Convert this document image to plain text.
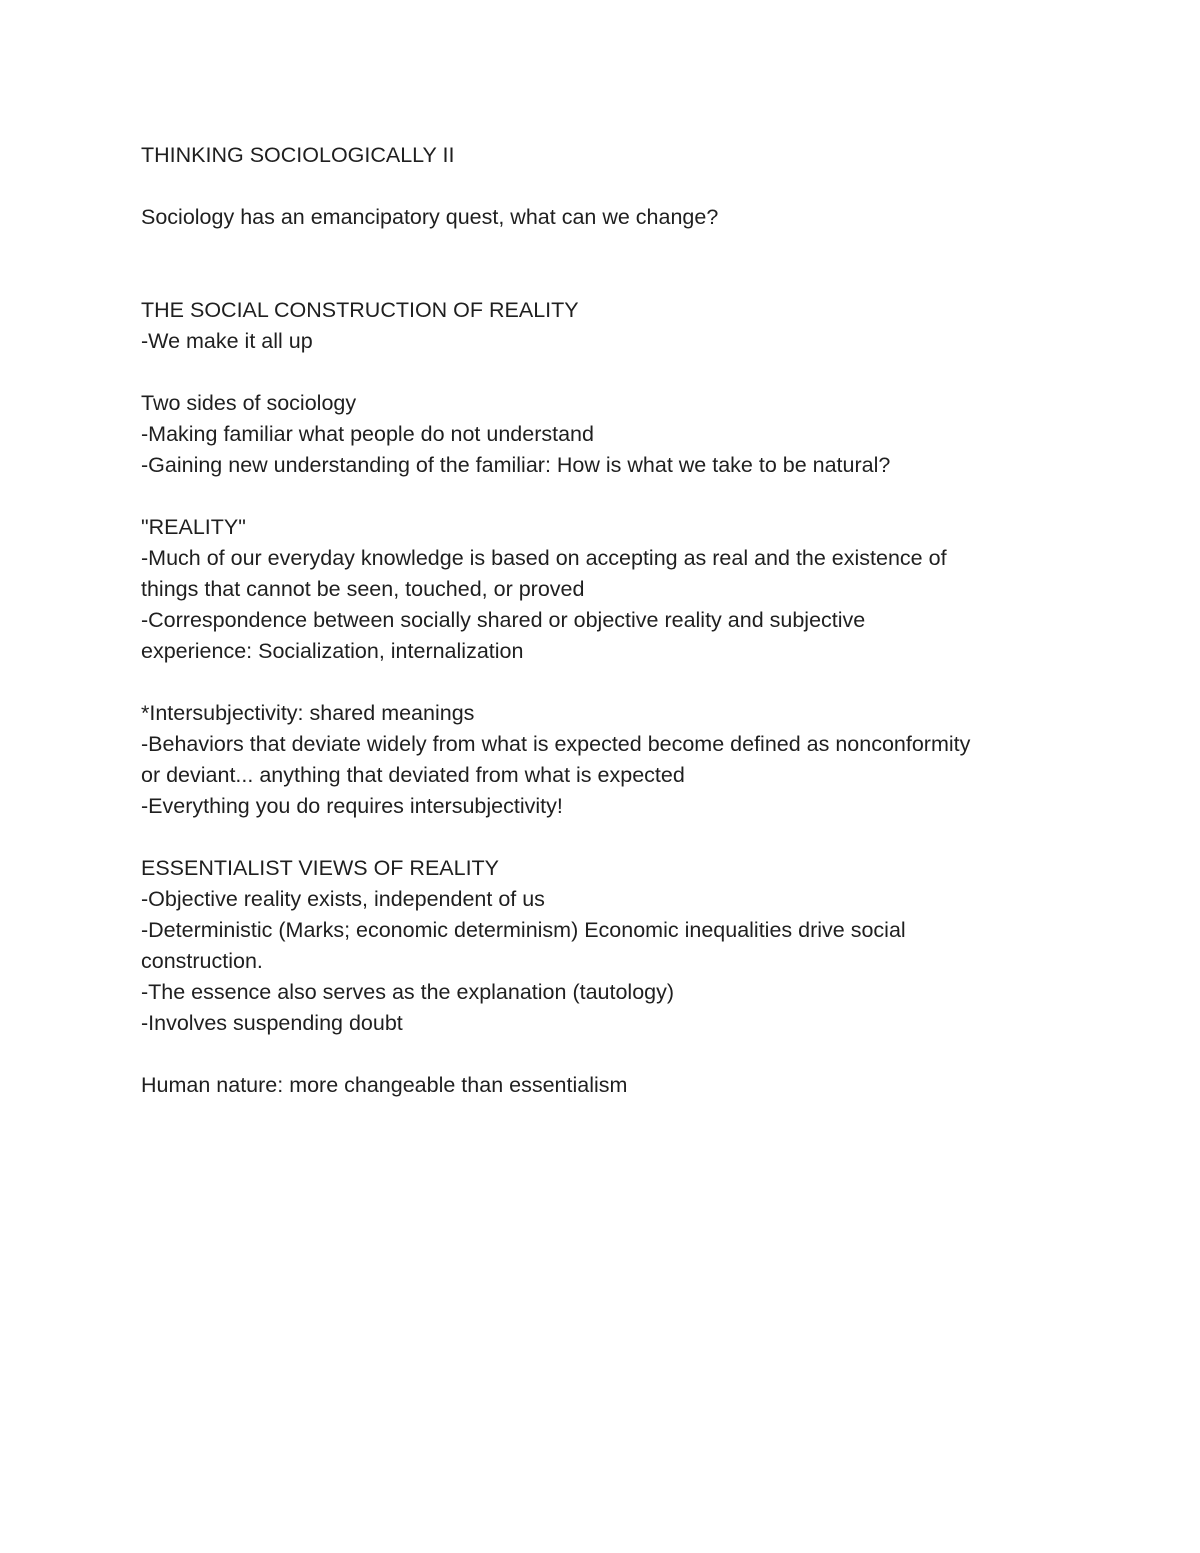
THINKING SOCIOLOGICALLY II
Sociology has an emancipatory quest, what can we change?
THE SOCIAL CONSTRUCTION OF REALITY
-We make it all up
Two sides of sociology
-Making familiar what people do not understand
-Gaining new understanding of the familiar: How is what we take to be natural?
"REALITY"
-Much of our everyday knowledge is based on accepting as real and the existence of
things that cannot be seen, touched, or proved
-Correspondence between socially shared or objective reality and subjective
experience: Socialization, internalization
*Intersubjectivity: shared meanings
-Behaviors that deviate widely from what is expected become defined as nonconformity
or deviant... anything that deviated from what is expected
-Everything you do requires intersubjectivity!
ESSENTIALIST VIEWS OF REALITY
-Objective reality exists, independent of us
-Deterministic (Marks; economic determinism) Economic inequalities drive social
construction.
-The essence also serves as the explanation (tautology)
-Involves suspending doubt
Human nature: more changeable than essentialism
